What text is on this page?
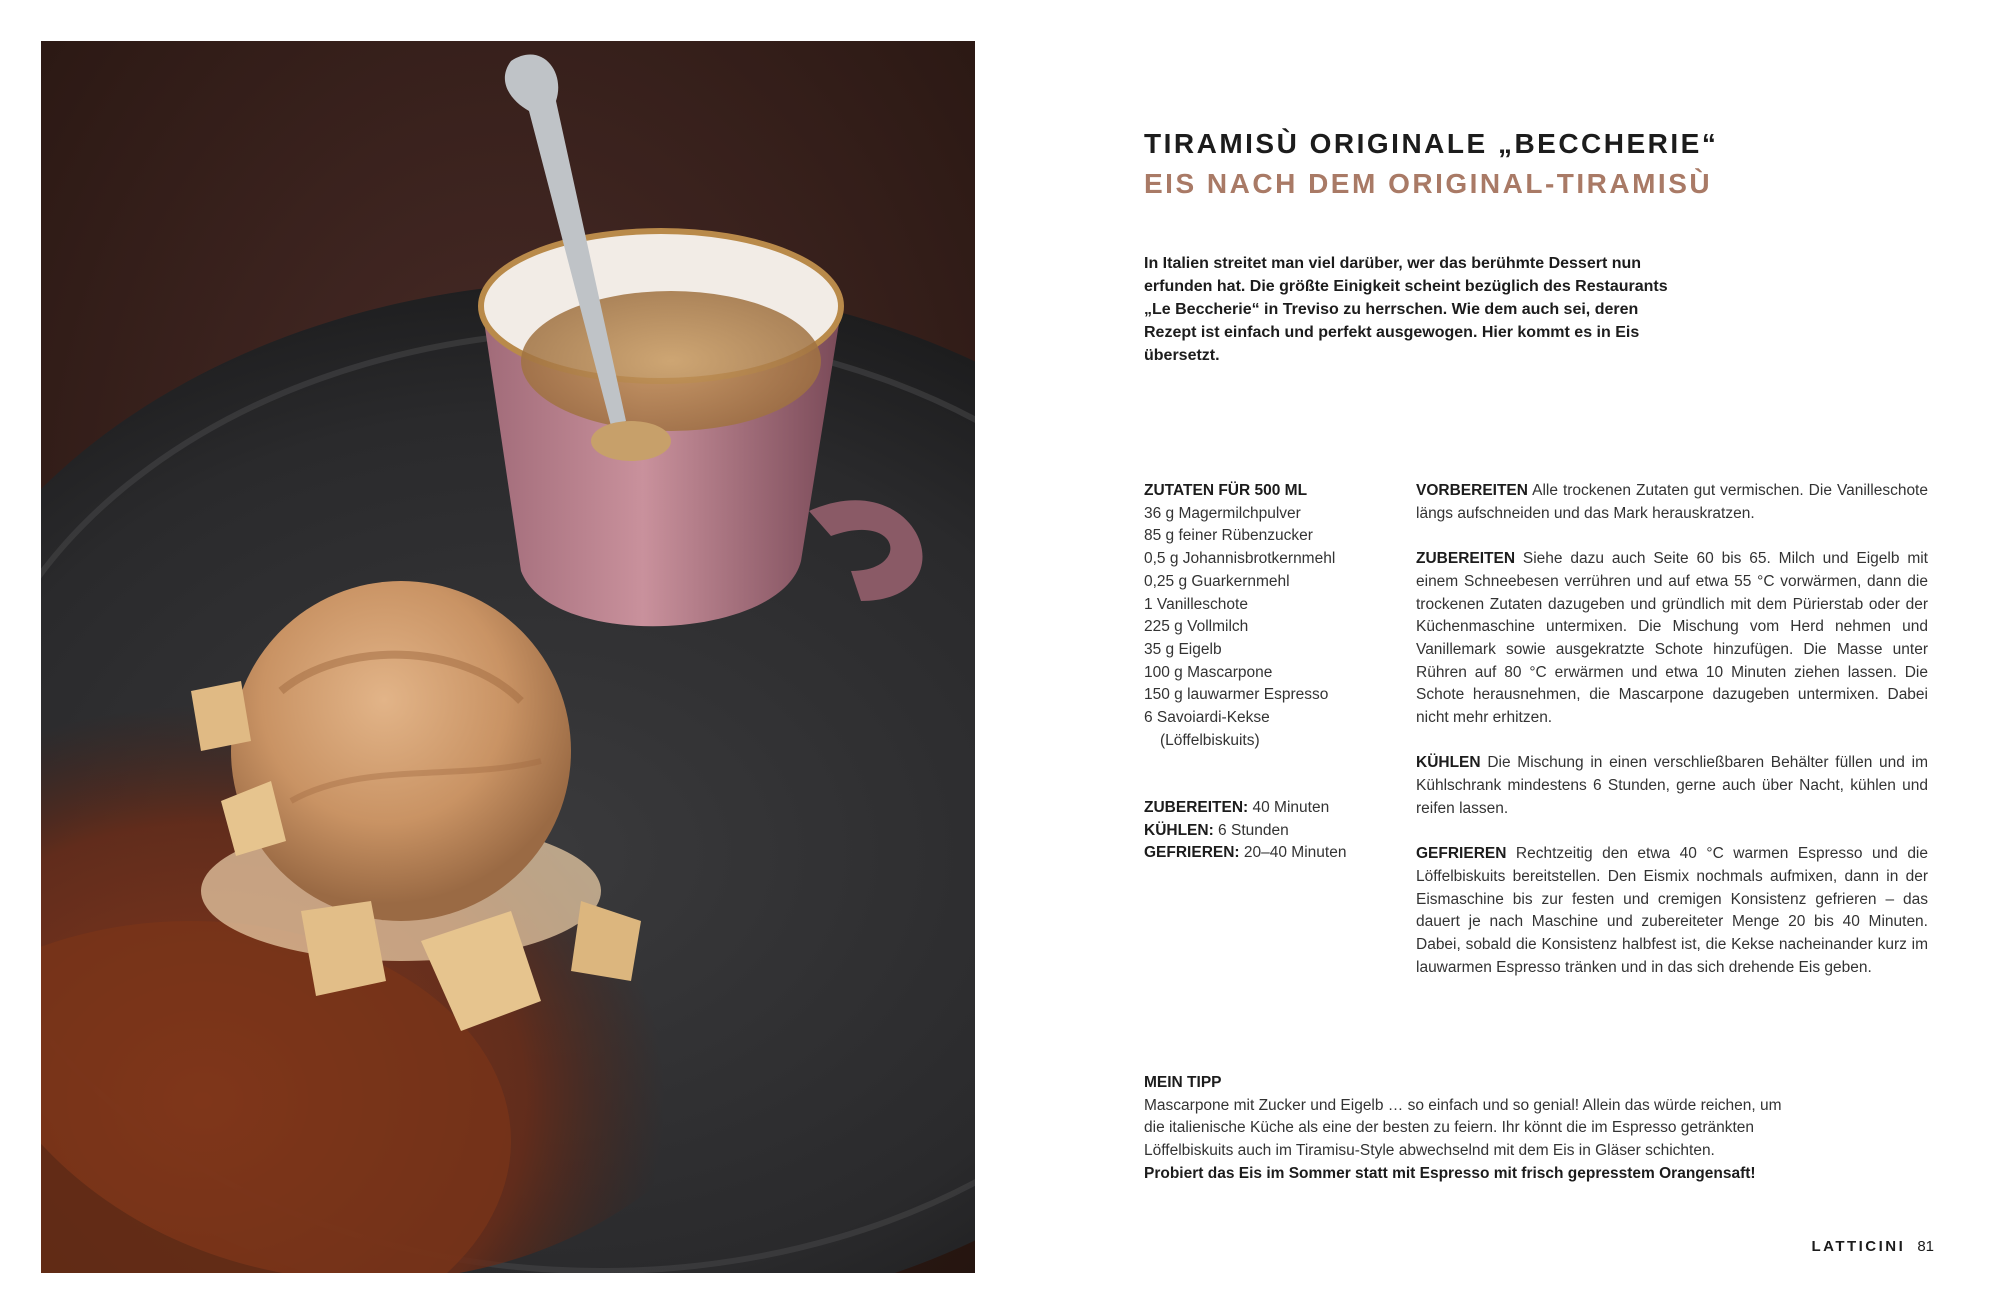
TIRAMISÙ ORIGINALE „BECCHERIE“
EIS NACH DEM ORIGINAL-TIRAMISÙ

In Italien streitet man viel darüber, wer das berühmte Dessert nun erfunden hat. Die größte Einigkeit scheint bezüglich des Restaurants „Le Beccherie“ in Treviso zu herrschen. Wie dem auch sei, deren Rezept ist einfach und perfekt ausgewogen. Hier kommt es in Eis übersetzt.

ZUTATEN FÜR 500 ML
36 g Magermilchpulver
85 g feiner Rübenzucker
0,5 g Johannisbrotkernmehl
0,25 g Guarkernmehl
1 Vanilleschote
225 g Vollmilch
35 g Eigelb
100 g Mascarpone
150 g lauwarmer Espresso
6 Savoiardi-Kekse
(Löffelbiskuits)
ZUBEREITEN: 40 Minuten
KÜHLEN: 6 Stunden
GEFRIEREN: 20–40 Minuten

VORBEREITEN Alle trockenen Zutaten gut vermischen. Die Vanilleschote längs aufschneiden und das Mark herauskratzen.

ZUBEREITEN Siehe dazu auch Seite 60 bis 65. Milch und Eigelb mit einem Schneebesen verrühren und auf etwa 55 °C vorwärmen, dann die trockenen Zutaten dazugeben und gründlich mit dem Pürierstab oder der Küchenmaschine untermixen. Die Mischung vom Herd nehmen und Vanillemark sowie ausgekratzte Schote hinzufügen. Die Masse unter Rühren auf 80 °C erwärmen und etwa 10 Minuten ziehen lassen. Die Schote herausnehmen, die Mascarpone dazugeben untermixen. Dabei nicht mehr erhitzen.

KÜHLEN Die Mischung in einen verschließbaren Behälter füllen und im Kühlschrank mindestens 6 Stunden, gerne auch über Nacht, kühlen und reifen lassen.

GEFRIEREN Rechtzeitig den etwa 40 °C warmen Espresso und die Löffelbiskuits bereitstellen. Den Eismix nochmals aufmixen, dann in der Eismaschine bis zur festen und cremigen Konsistenz gefrieren – das dauert je nach Maschine und zubereiteter Menge 20 bis 40 Minuten. Dabei, sobald die Konsistenz halbfest ist, die Kekse nacheinander kurz im lauwarmen Espresso tränken und in das sich drehende Eis geben.

MEIN TIPP
Mascarpone mit Zucker und Eigelb … so einfach und so genial! Allein das würde reichen, um die italienische Küche als eine der besten zu feiern. Ihr könnt die im Espresso getränkten Löffelbiskuits auch im Tiramisu-Style abwechselnd mit dem Eis in Gläser schichten.
Probiert das Eis im Sommer statt mit Espresso mit frisch gepresstem Orangensaft!
LATTICINI 81
